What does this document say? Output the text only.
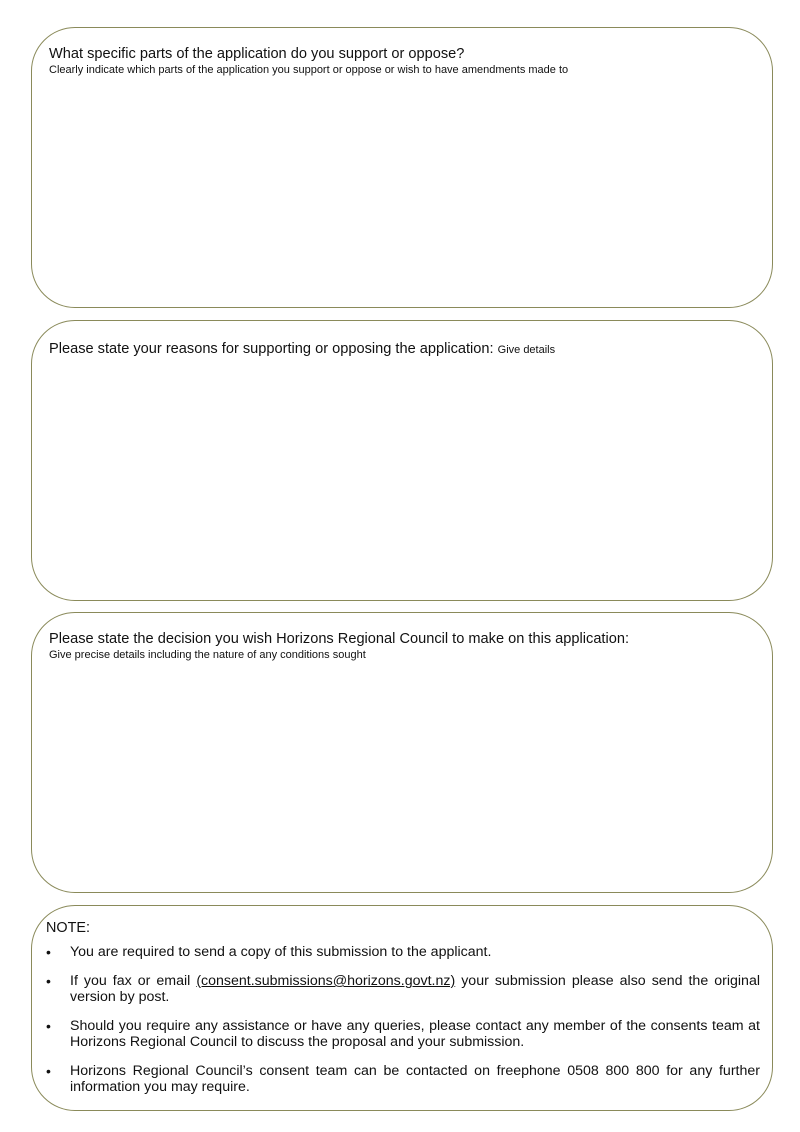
What specific parts of the application do you support or oppose?
Clearly indicate which parts of the application you support or oppose or wish to have amendments made to
Please state your reasons for supporting or opposing the application: Give details
Please state the decision you wish Horizons Regional Council to make on this application:
Give precise details including the nature of any conditions sought
NOTE:
• You are required to send a copy of this submission to the applicant.
• If you fax or email (consent.submissions@horizons.govt.nz) your submission please also send the original version by post.
• Should you require any assistance or have any queries, please contact any member of the consents team at Horizons Regional Council to discuss the proposal and your submission.
• Horizons Regional Council’s consent team can be contacted on freephone 0508 800 800 for any further information you may require.
